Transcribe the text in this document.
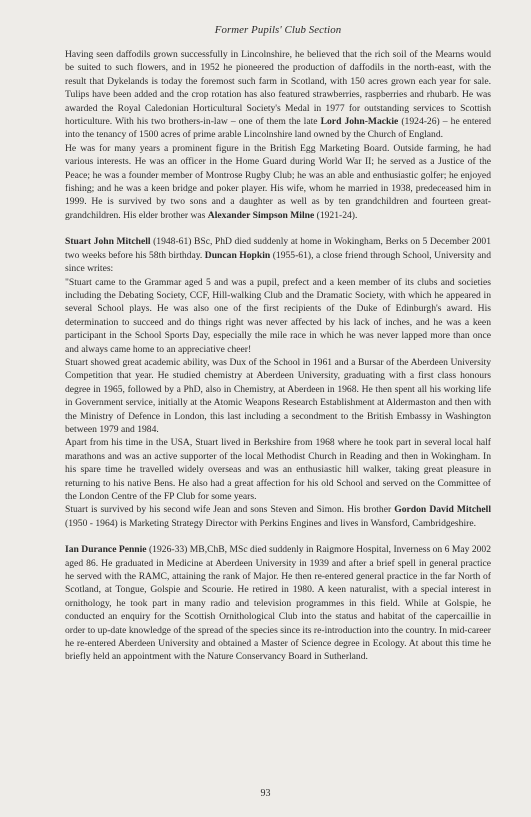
Former Pupils' Club Section

Having seen daffodils grown successfully in Lincolnshire, he believed that the rich soil of the Mearns would be suited to such flowers, and in 1952 he pioneered the production of daffodils in the north-east, with the result that Dykelands is today the foremost such farm in Scotland, with 150 acres grown each year for sale. Tulips have been added and the crop rotation has also featured strawberries, raspberries and rhubarb. He was awarded the Royal Caledonian Horticultural Society's Medal in 1977 for outstanding services to Scottish horticulture. With his two brothers-in-law – one of them the late Lord John-Mackie (1924-26) – he entered into the tenancy of 1500 acres of prime arable Lincolnshire land owned by the Church of England.

He was for many years a prominent figure in the British Egg Marketing Board. Outside farming, he had various interests. He was an officer in the Home Guard during World War II; he served as a Justice of the Peace; he was a founder member of Montrose Rugby Club; he was an able and enthusiastic golfer; he enjoyed fishing; and he was a keen bridge and poker player. His wife, whom he married in 1938, predeceased him in 1999. He is survived by two sons and a daughter as well as by ten grandchildren and fourteen great-grandchildren. His elder brother was Alexander Simpson Milne (1921-24).

Stuart John Mitchell (1948-61) BSc, PhD died suddenly at home in Wokingham, Berks on 5 December 2001 two weeks before his 58th birthday. Duncan Hopkin (1955-61), a close friend through School, University and since writes:

"Stuart came to the Grammar aged 5 and was a pupil, prefect and a keen member of its clubs and societies including the Debating Society, CCF, Hill-walking Club and the Dramatic Society, with which he appeared in several School plays. He was also one of the first recipients of the Duke of Edinburgh's award. His determination to succeed and do things right was never affected by his lack of inches, and he was a keen participant in the School Sports Day, especially the mile race in which he was never lapped more than once and always came home to an appreciative cheer!

Stuart showed great academic ability, was Dux of the School in 1961 and a Bursar of the Aberdeen University Competition that year. He studied chemistry at Aberdeen University, graduating with a first class honours degree in 1965, followed by a PhD, also in Chemistry, at Aberdeen in 1968. He then spent all his working life in Government service, initially at the Atomic Weapons Research Establishment at Aldermaston and then with the Ministry of Defence in London, this last including a secondment to the British Embassy in Washington between 1979 and 1984.

Apart from his time in the USA, Stuart lived in Berkshire from 1968 where he took part in several local half marathons and was an active supporter of the local Methodist Church in Reading and then in Wokingham. In his spare time he travelled widely overseas and was an enthusiastic hill walker, taking great pleasure in returning to his native Bens. He also had a great affection for his old School and served on the Committee of the London Centre of the FP Club for some years.

Stuart is survived by his second wife Jean and sons Steven and Simon. His brother Gordon David Mitchell (1950 - 1964) is Marketing Strategy Director with Perkins Engines and lives in Wansford, Cambridgeshire.

Ian Durance Pennie (1926-33) MB,ChB, MSc died suddenly in Raigmore Hospital, Inverness on 6 May 2002 aged 86. He graduated in Medicine at Aberdeen University in 1939 and after a brief spell in general practice he served with the RAMC, attaining the rank of Major. He then re-entered general practice in the far North of Scotland, at Tongue, Golspie and Scourie. He retired in 1980. A keen naturalist, with a special interest in ornithology, he took part in many radio and television programmes in this field. While at Golspie, he conducted an enquiry for the Scottish Ornithological Club into the status and habitat of the capercaillie in order to up-date knowledge of the spread of the species since its re-introduction into the country. In mid-career he re-entered Aberdeen University and obtained a Master of Science degree in Ecology. At about this time he briefly held an appointment with the Nature Conservancy Board in Sutherland.

93
